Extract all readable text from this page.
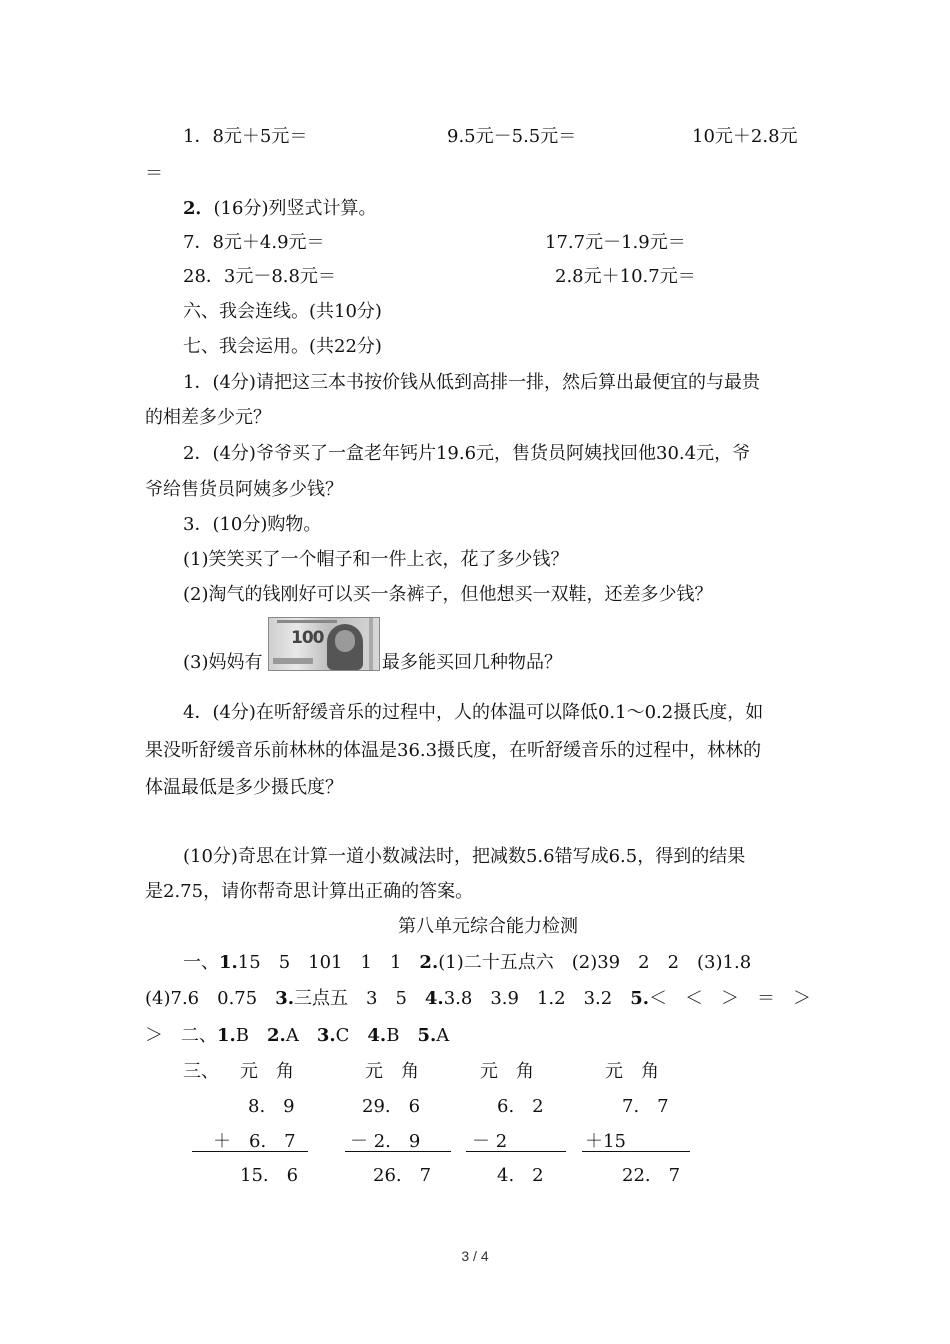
1．8元＋5元＝	9.5元－5.5元＝	10元＋2.8元
＝
2．(16分)列竖式计算。
7．8元＋4.9元＝	17.7元－1.9元＝
28．3元－8.8元＝	2.8元＋10.7元＝
六、我会连线。(共10分)
七、我会运用。(共22分)
1．(4分)请把这三本书按价钱从低到高排一排，然后算出最便宜的与最贵
的相差多少元？
2．(4分)爷爷买了一盒老年钙片19.6元，售货员阿姨找回他30.4元，爷
爷给售货员阿姨多少钱？
3．(10分)购物。
(1)笑笑买了一个帽子和一件上衣，花了多少钱？
(2)淘气的钱刚好可以买一条裤子，但他想买一双鞋，还差多少钱？
(3)妈妈有
100
最多能买回几种物品？
4．(4分)在听舒缓音乐的过程中，人的体温可以降低0.1～0.2摄氏度，如
果没听舒缓音乐前林林的体温是36.3摄氏度，在听舒缓音乐的过程中，林林的
体温最低是多少摄氏度？
(10分)奇思在计算一道小数减法时，把减数5.6错写成6.5，得到的结果
是2.75，请你帮奇思计算出正确的答案。
第八单元综合能力检测
一、1.15　5　101　1　1　2.(1)二十五点六　(2)39　2　2　(3)1.8
(4)7.6　0.75　3.三点五　3　5　4.3.8　3.9　1.2　3.2　5.＜　＜　＞　＝　＞
＞　二、1.B　2.A　3.C　4.B　5.A
三、 元　角	元　角	元　角	元　角
8.　9	29.　6	6.　2	7.　7
＋　6.　7	－ 2.　9	－ 2	＋15
15.　6	26.　7	4.　2	22.　7
3 / 4
